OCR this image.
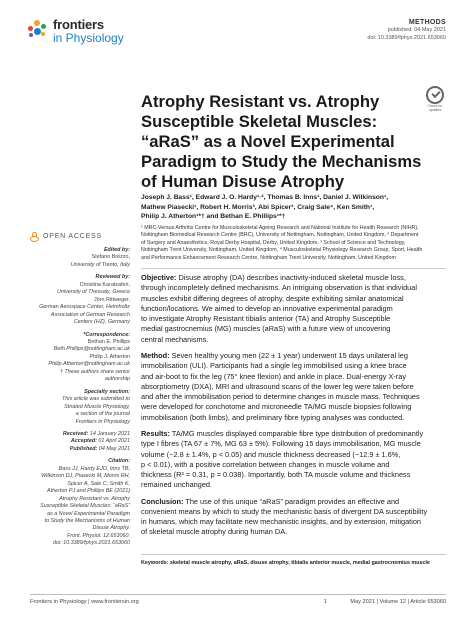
frontiers
in Physiology
METHODS
published: 04 May 2021
doi: 10.3389/fphys.2021.653060
Check for updates
Atrophy Resistant vs. Atrophy
Susceptible Skeletal Muscles:
“aRaS” as a Novel Experimental
Paradigm to Study the Mechanisms
of Human Disuse Atrophy
Joseph J. Bass¹, Edward J. O. Hardy¹·², Thomas B. Inns¹, Daniel J. Wilkinson¹,
Mathew Piasecki¹, Robert H. Morris³, Abi Spicer³, Craig Sale⁴, Ken Smith¹,
Philip J. Atherton¹*† and Bethan E. Phillips¹*†
¹ MRC-Versus Arthritis Centre for Musculoskeletal Ageing Research and National Institute for Health Research (NIHR),
Nottingham Biomedical Research Centre (BRC), University of Nottingham, Nottingham, United Kingdom, ² Department
of Surgery and Anaesthetics, Royal Derby Hospital, Derby, United Kingdom, ³ School of Science and Technology,
Nottingham Trent University, Nottingham, United Kingdom, ⁴ Musculoskeletal Physiology Research Group, Sport, Health
and Performance Enhancement Research Centre, Nottingham Trent University, Nottingham, United Kingdom
Objective: Disuse atrophy (DA) describes inactivity-induced skeletal muscle loss,
through incompletely defined mechanisms. An intriguing observation is that individual
muscles exhibit differing degrees of atrophy, despite exhibiting similar anatomical
function/locations. We aimed to develop an innovative experimental paradigm
to investigate Atrophy Resistant tibialis anterior (TA) and Atrophy Susceptible
medial gastrocnemius (MG) muscles (aRaS) with a future view of uncovering
central mechanisms.
Method: Seven healthy young men (22 ± 1 year) underwent 15 days unilateral leg
immobilisation (ULI). Participants had a single leg immobilised using a knee brace
and air-boot to fix the leg (75° knee flexion) and ankle in place. Dual-energy X-ray
absorptiometry (DXA), MRI and ultrasound scans of the lower leg were taken before
and after the immobilisation period to determine changes in muscle mass. Techniques
were developed for conchotome and microneedle TA/MG muscle biopsies following
immobilisation (both limbs), and preliminary fibre typing analyses was conducted.
Results: TA/MG muscles displayed comparable fibre type distribution of predominantly
type I fibres (TA 67 ± 7%, MG 63 ± 5%). Following 15 days immobilisation, MG muscle
volume (−2.8 ± 1.4%, p < 0.05) and muscle thickness decreased (−12.9 ± 1.6%,
p < 0.01), with a positive correlation between changes in muscle volume and
thickness (R² = 0.31, p = 0.038). Importantly, both TA muscle volume and thickness
remained unchanged.
Conclusion: The use of this unique “aRaS” paradigm provides an effective and
convenient means by which to study the mechanistic basis of divergent DA susceptibility
in humans, which may facilitate new mechanistic insights, and by extension, mitigation
of skeletal muscle atrophy during human DA.
Keywords: skeletal muscle atrophy, aRaS, disuse atrophy, tibialis anterior muscle, medial gastrocnemius muscle
OPEN ACCESS
Edited by:
Stefano Brezzo,
University of Trento, Italy
Reviewed by:
Christina Karatzaferi,
University of Thessaly, Greece
Jörn Rittweger,
German Aerospace Center, Helmholtz
Association of German Research
Centers (HZ), Germany
*Correspondence:
Bethan E. Phillips
Beth.Phillips@nottingham.ac.uk
Philip J. Atherton
Philip.Atherton@nottingham.ac.uk
† These authors share senior
authorship
Specialty section:
This article was submitted to
Striated Muscle Physiology,
a section of the journal
Frontiers in Physiology
Received: 14 January 2021
Accepted: 01 April 2021
Published: 04 May 2021
Citation:
Bass JJ, Hardy EJO, Inns TB,
Wilkinson DJ, Piasecki M, Morris RH,
Spicer A, Sale C, Smith K,
Atherton PJ and Phillips BE (2021)
Atrophy Resistant vs. Atrophy
Susceptible Skeletal Muscles: “aRaS”
as a Novel Experimental Paradigm
to Study the Mechanisms of Human
Disuse Atrophy.
Front. Physiol. 12:653060.
doi: 10.3389/fphys.2021.653060
Frontiers in Physiology | www.frontiersin.org	1	May 2021 | Volume 12 | Article 653060
